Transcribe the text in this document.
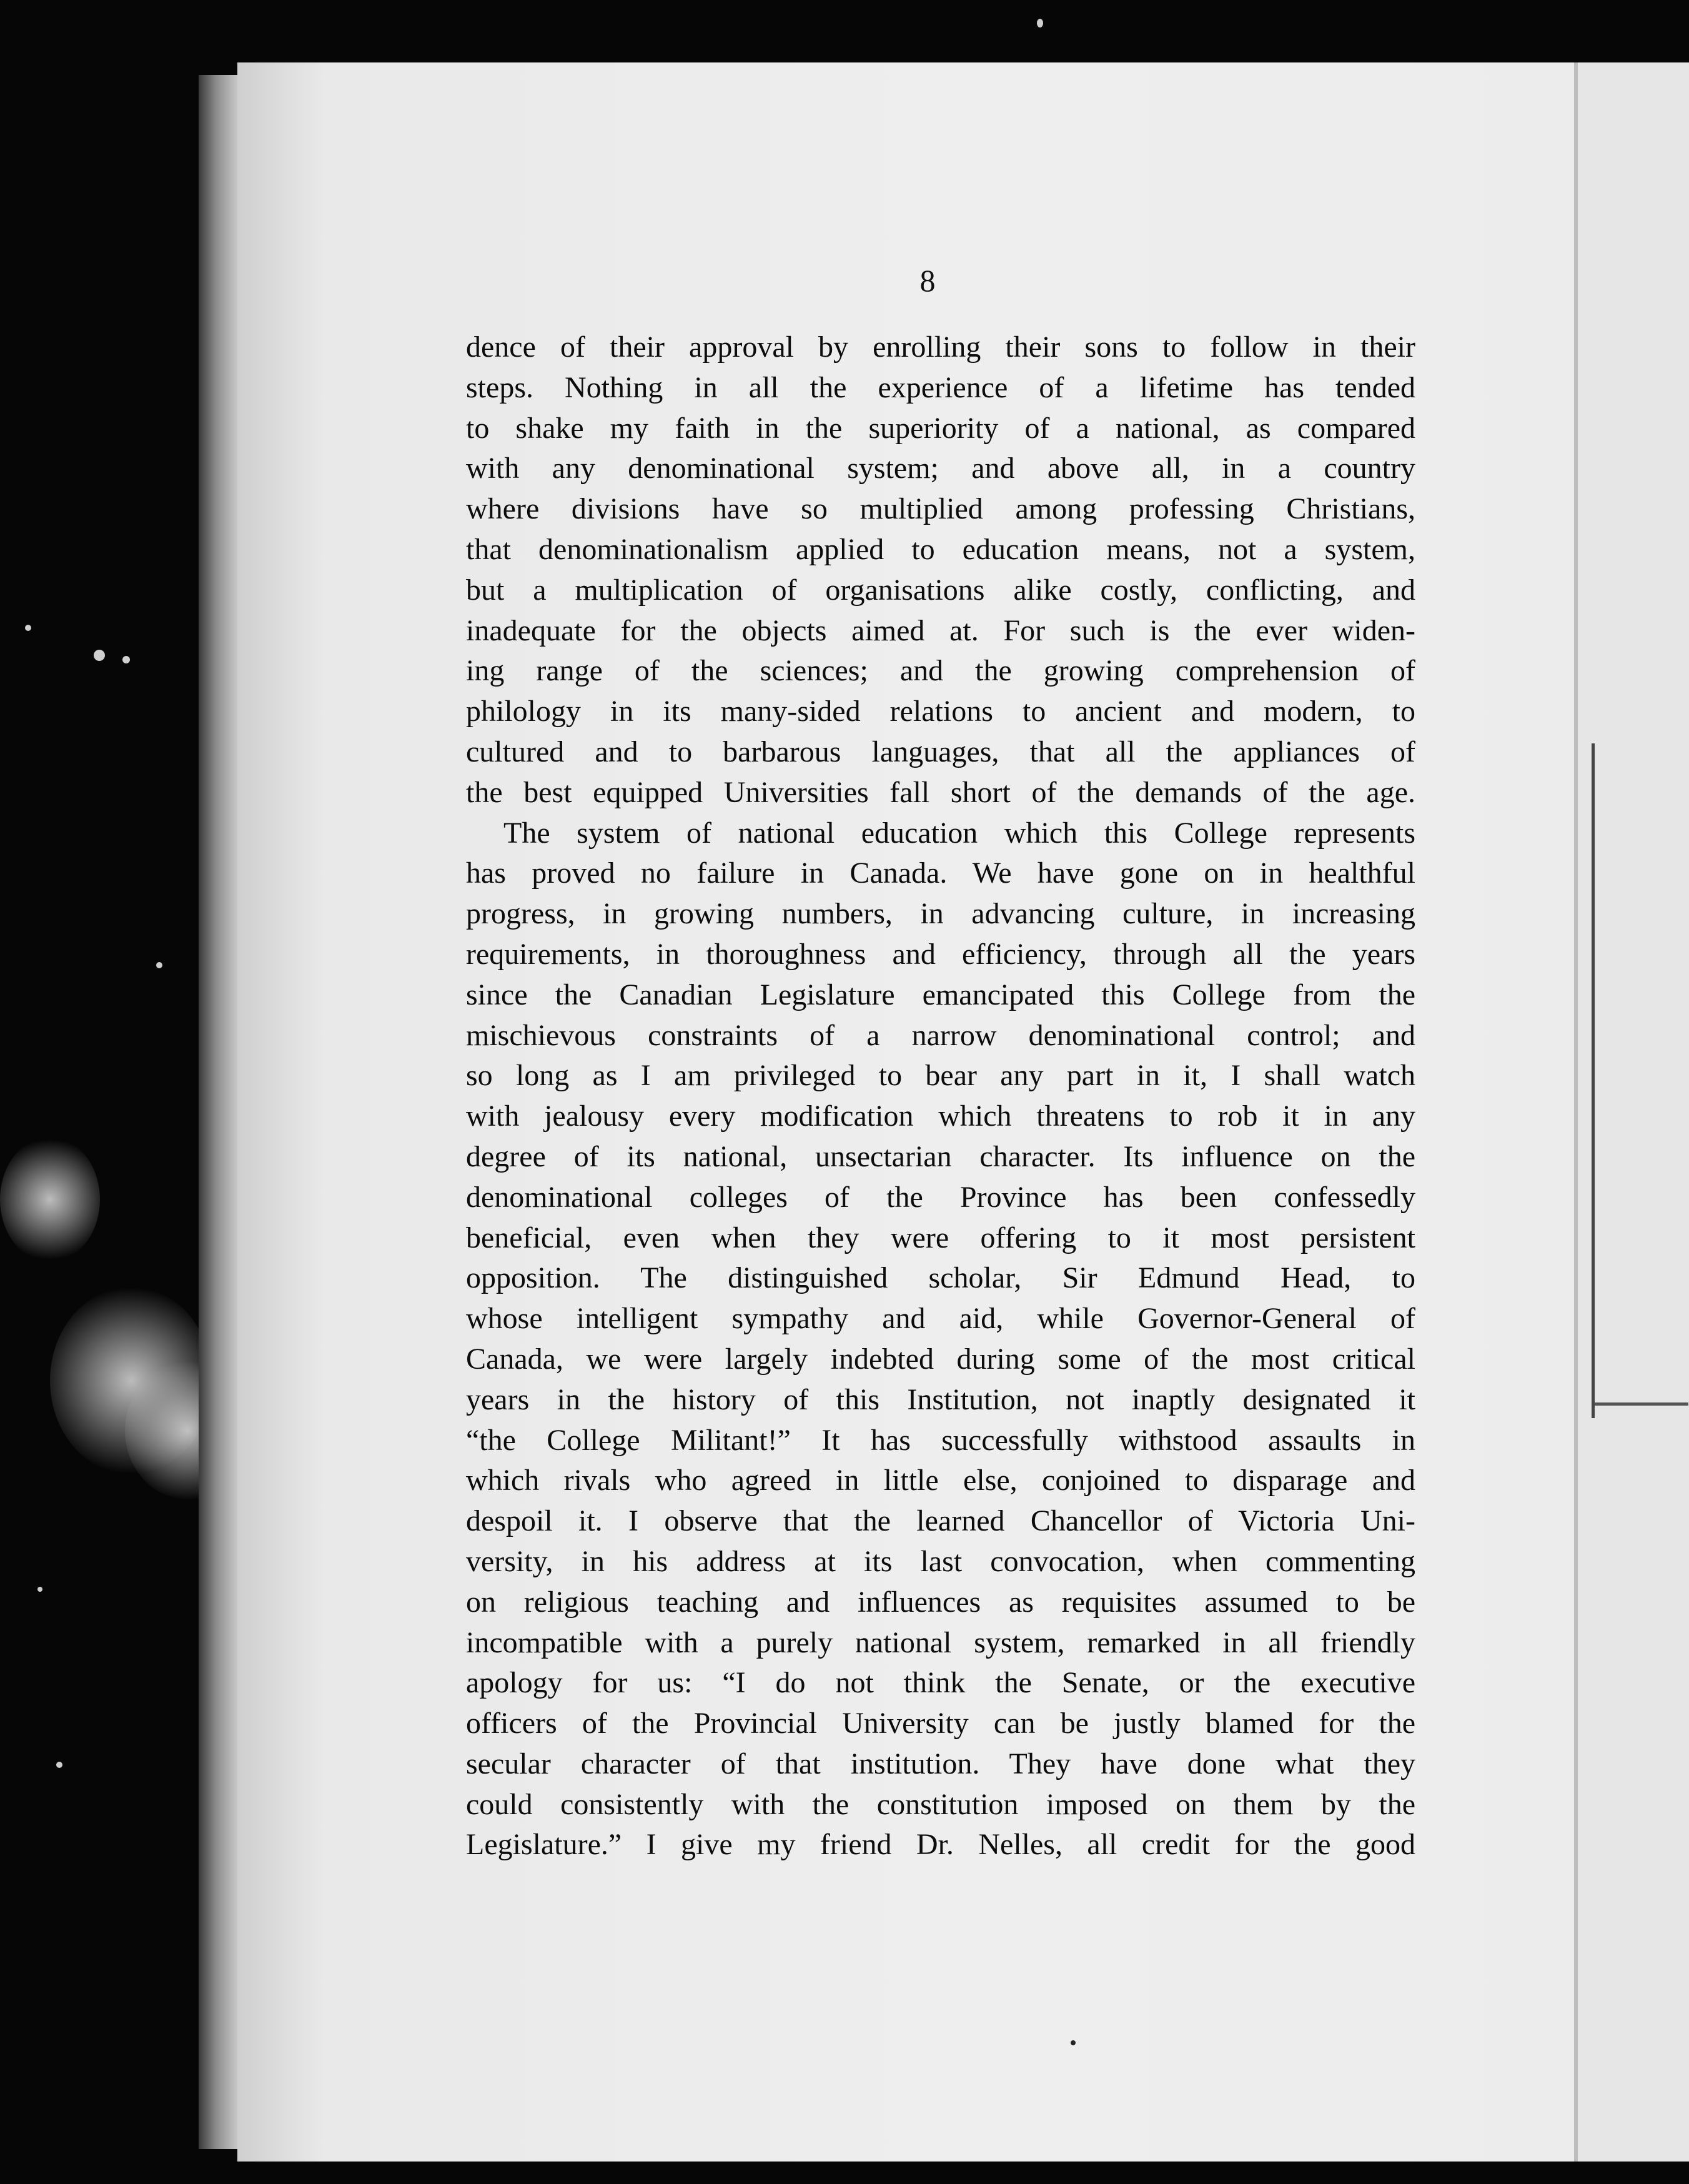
8
dence of their approval by enrolling their sons to follow in their
steps. Nothing in all the experience of a lifetime has tended
to shake my faith in the superiority of a national, as compared
with any denominational system; and above all, in a country
where divisions have so multiplied among professing Christians,
that denominationalism applied to education means, not a system,
but a multiplication of organisations alike costly, conflicting, and
inadequate for the objects aimed at. For such is the ever widen-
ing range of the sciences; and the growing comprehension of
philology in its many-sided relations to ancient and modern, to
cultured and to barbarous languages, that all the appliances of
the best equipped Universities fall short of the demands of the age.
The system of national education which this College represents
has proved no failure in Canada. We have gone on in healthful
progress, in growing numbers, in advancing culture, in increasing
requirements, in thoroughness and efficiency, through all the years
since the Canadian Legislature emancipated this College from the
mischievous constraints of a narrow denominational control; and
so long as I am privileged to bear any part in it, I shall watch
with jealousy every modification which threatens to rob it in any
degree of its national, unsectarian character. Its influence on the
denominational colleges of the Province has been confessedly
beneficial, even when they were offering to it most persistent
opposition. The distinguished scholar, Sir Edmund Head, to
whose intelligent sympathy and aid, while Governor-General of
Canada, we were largely indebted during some of the most critical
years in the history of this Institution, not inaptly designated it
“the College Militant!” It has successfully withstood assaults in
which rivals who agreed in little else, conjoined to disparage and
despoil it. I observe that the learned Chancellor of Victoria Uni-
versity, in his address at its last convocation, when commenting
on religious teaching and influences as requisites assumed to be
incompatible with a purely national system, remarked in all friendly
apology for us: “I do not think the Senate, or the executive
officers of the Provincial University can be justly blamed for the
secular character of that institution. They have done what they
could consistently with the constitution imposed on them by the
Legislature.” I give my friend Dr. Nelles, all credit for the good
